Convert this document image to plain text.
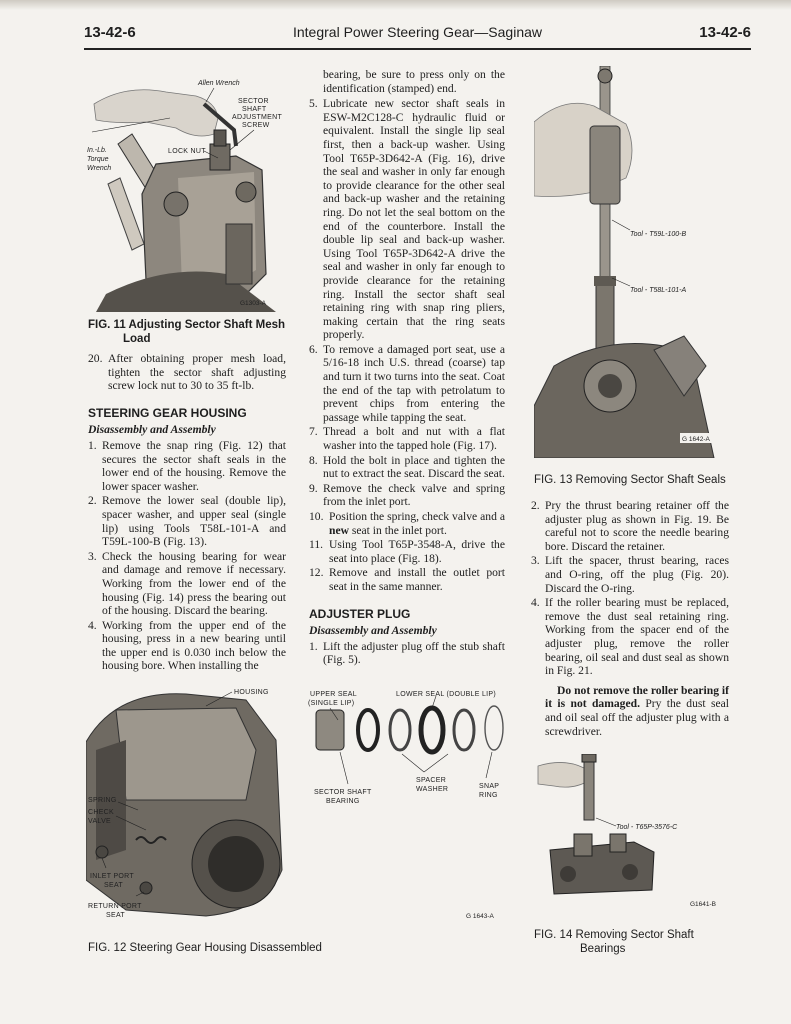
13-42-6	Integral Power Steering Gear—Saginaw	13-42-6
Allen Wrench
SECTOR
SHAFT
ADJUSTMENT
SCREW
In.-Lb.
Torque
Wrench
LOCK NUT
G1303-A
FIG. 11 Adjusting Sector Shaft Mesh
Load
20. After obtaining proper mesh load, tighten the sector shaft adjusting screw lock nut to 30 to 35 ft-lb.
STEERING GEAR HOUSING
Disassembly and Assembly
1. Remove the snap ring (Fig. 12) that secures the sector shaft seals in the lower end of the housing. Remove the lower spacer washer.
2. Remove the lower seal (double lip), spacer washer, and upper seal (single lip) using Tools T58L-101-A and T59L-100-B (Fig. 13).
3. Check the housing bearing for wear and damage and remove if necessary. Working from the lower end of the housing (Fig. 14) press the bearing out of the housing. Discard the bearing.
4. Working from the upper end of the housing, press in a new bearing until the upper end is 0.030 inch below the housing bore. When installing the

bearing, be sure to press only on the identification (stamped) end.

5. Lubricate new sector shaft seals in ESW-M2C128-C hydraulic fluid or equivalent. Install the single lip seal first, then a back-up washer. Using Tool T65P-3D642-A (Fig. 16), drive the seal and washer in only far enough to provide clearance for the other seal and back-up washer and the retaining ring. Do not let the seal bottom on the end of the counterbore. Install the double lip seal and back-up washer. Using Tool T65P-3D642-A drive the seal and washer in only far enough to provide clearance for the retaining ring. Install the sector shaft seal retaining ring with snap ring pliers, making certain that the ring seats properly.
6. To remove a damaged port seat, use a 5/16-18 inch U.S. thread (coarse) tap and turn it two turns into the seat. Coat the end of the tap with petrolatum to prevent chips from entering the passage while tapping the seat.
7. Thread a bolt and nut with a flat washer into the tapped hole (Fig. 17).
8. Hold the bolt in place and tighten the nut to extract the seat. Discard the seat.
9. Remove the check valve and spring from the inlet port.
10. Position the spring, check valve and a new seat in the inlet port.
11. Using Tool T65P-3548-A, drive the seat into place (Fig. 18).
12. Remove and install the outlet port seat in the same manner.
ADJUSTER PLUG
Disassembly and Assembly
1. Lift the adjuster plug off the stub shaft (Fig. 5).
Tool - T59L-100-B
Tool - T58L-101-A
G 1642-A
FIG. 13 Removing Sector Shaft Seals
2. Pry the thrust bearing retainer off the adjuster plug as shown in Fig. 19. Be careful not to score the needle bearing bore. Discard the retainer.
3. Lift the spacer, thrust bearing, races and O-ring, off the plug (Fig. 20). Discard the O-ring.
4. If the roller bearing must be replaced, remove the dust seal retaining ring. Working from the spacer end of the adjuster plug, remove the roller bearing, oil seal and dust seal as shown in Fig. 21.

Do not remove the roller bearing if it is not damaged. Pry the dust seal and oil seal off the adjuster plug with a screwdriver.

HOUSING
SPRING
CHECK
VALVE
INLET PORT
SEAT
RETURN PORT
SEAT
UPPER SEAL
(SINGLE LIP)
LOWER SEAL (DOUBLE LIP)
SPACER
WASHER	SNAP
RING
SECTOR SHAFT
BEARING
G 1643-A
FIG. 12 Steering Gear Housing Disassembled
Tool - T65P-3576-C
G1641-B
FIG. 14 Removing Sector Shaft
Bearings
